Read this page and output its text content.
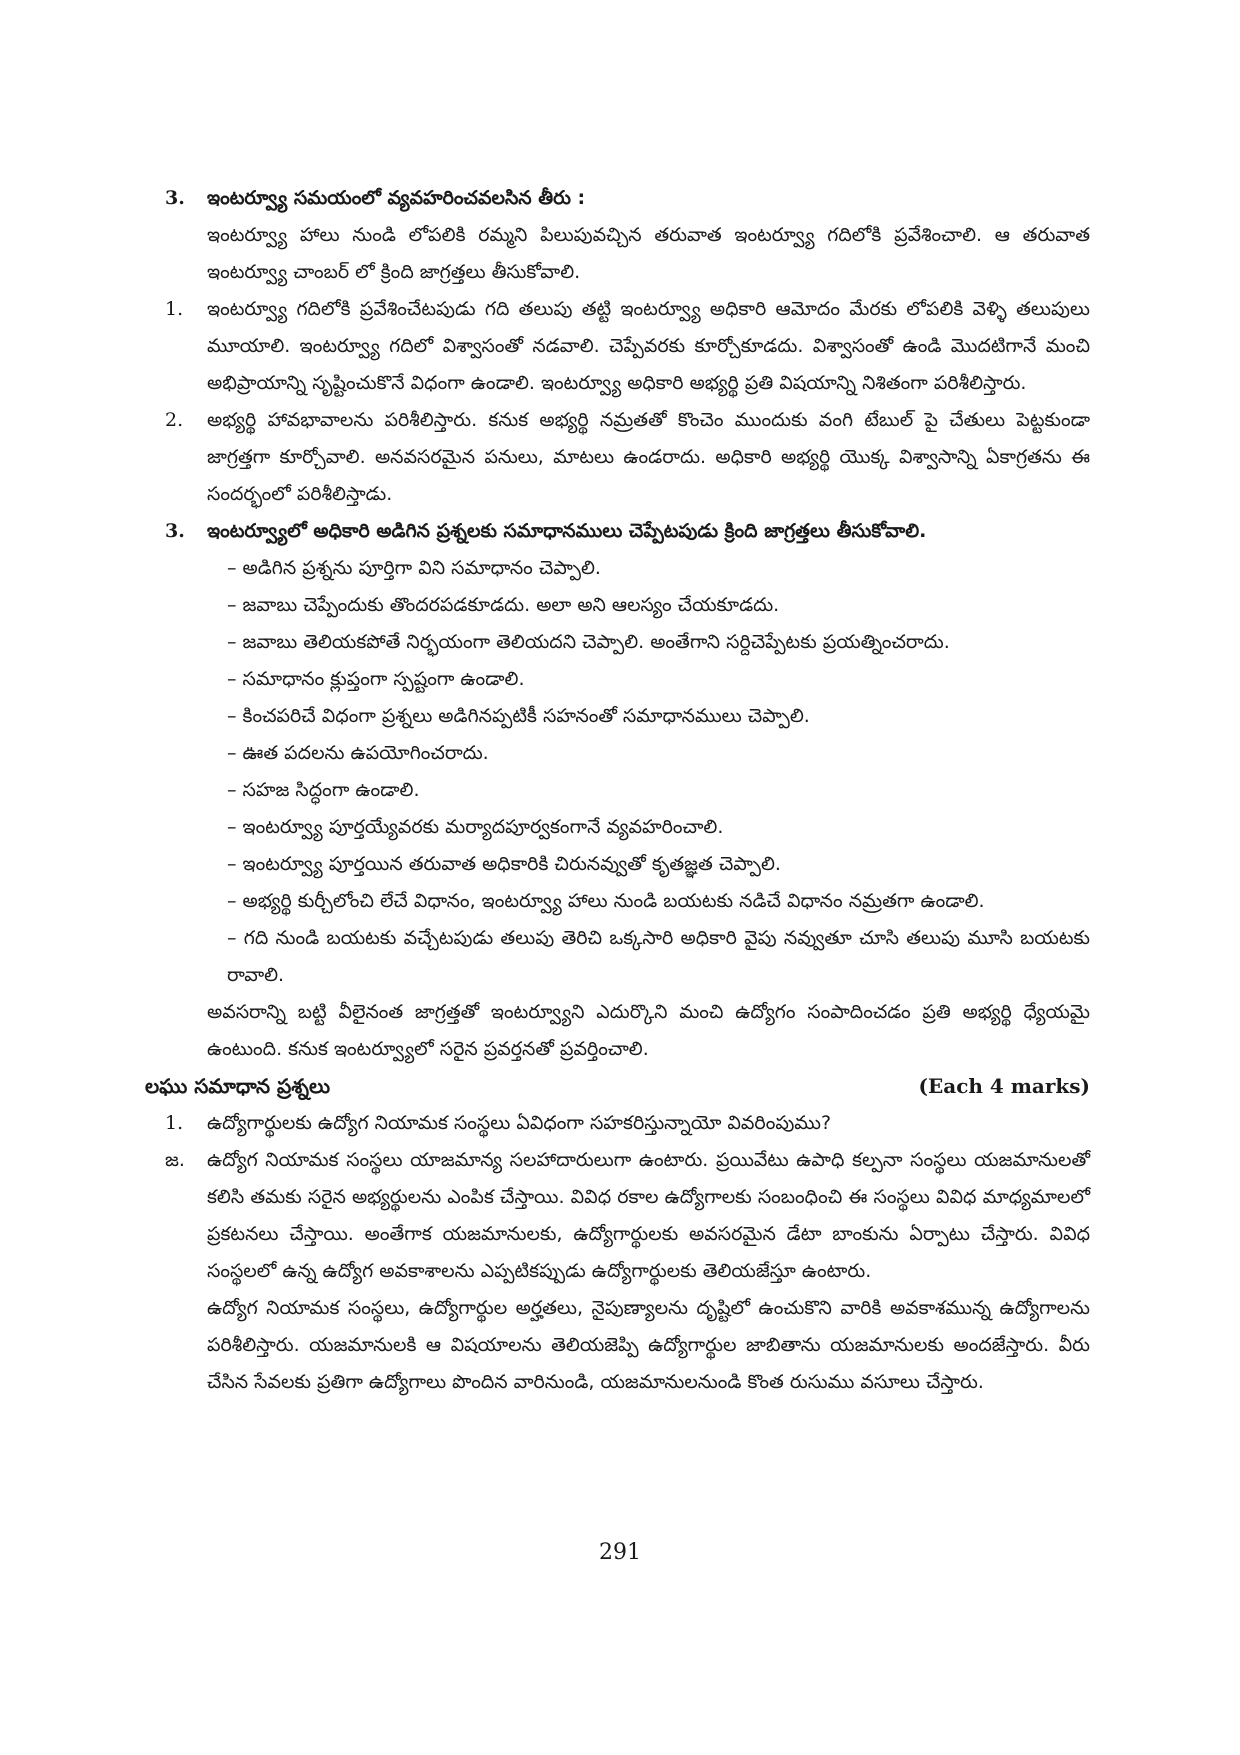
3. ఇంటర్వ్యూ సమయంలో వ్యవహరించవలసిన తీరు :
ఇంటర్వ్యూ హాలు నుండి లోపలికి రమ్మని పిలుపువచ్చిన తరువాత ఇంటర్వ్యూ గదిలోకి ప్రవేశించాలి. ఆ తరువాత ఇంటర్వ్యూ చాంబర్ లో క్రింది జాగ్రత్తలు తీసుకోవాలి.
1. ఇంటర్వ్యూ గదిలోకి ప్రవేశించేటపుడు గది తలుపు తట్టి ఇంటర్వ్యూ అధికారి ఆమోదం మేరకు లోపలికి వెళ్ళి తలుపులు మూయాలి. ఇంటర్వ్యూ గదిలో విశ్వాసంతో నడవాలి. చెప్పేవరకు కూర్చోకూడదు. విశ్వాసంతో ఉండి మొదటిగానే మంచి అభిప్రాయాన్ని సృష్టించుకొనే విధంగా ఉండాలి. ఇంటర్వ్యూ అధికారి అభ్యర్థి ప్రతి విషయాన్ని నిశితంగా పరిశీలిస్తారు.
2. అభ్యర్థి హావభావాలను పరిశీలిస్తారు. కనుక అభ్యర్థి నమ్రతతో కొంచెం ముందుకు వంగి టేబుల్ పై చేతులు పెట్టకుండా జాగ్రత్తగా కూర్చోవాలి. అనవసరమైన పనులు, మాటలు ఉండరాదు. అధికారి అభ్యర్థి యొక్క విశ్వాసాన్ని ఏకాగ్రతను ఈ సందర్భంలో పరిశీలిస్తాడు.
3. ఇంటర్వ్యూలో అధికారి అడిగిన ప్రశ్నలకు సమాధానములు చెప్పేటపుడు క్రింది జాగ్రత్తలు తీసుకోవాలి.
– అడిగిన ప్రశ్నను పూర్తిగా విని సమాధానం చెప్పాలి.
– జవాబు చెప్పేందుకు తొందరపడకూడదు. అలా అని ఆలస్యం చేయకూడదు.
– జవాబు తెలియకపోతే నిర్భయంగా తెలియదని చెప్పాలి. అంతేగాని సర్దిచెప్పేటకు ప్రయత్నించరాదు.
– సమాధానం క్లుప్తంగా స్పష్టంగా ఉండాలి.
– కించపరిచే విధంగా ప్రశ్నలు అడిగినప్పటికీ సహనంతో సమాధానములు చెప్పాలి.
– ఊత పదలను ఉపయోగించరాదు.
– సహజ సిద్ధంగా ఉండాలి.
– ఇంటర్వ్యూ పూర్తయ్యేవరకు మర్యాదపూర్వకంగానే వ్యవహరించాలి.
– ఇంటర్వ్యూ పూర్తయిన తరువాత అధికారికి చిరునవ్వుతో కృతజ్ఞత చెప్పాలి.
– అభ్యర్థి కుర్చీలోంచి లేచే విధానం, ఇంటర్వ్యూ హాలు నుండి బయటకు నడిచే విధానం నమ్రతగా ఉండాలి.
– గది నుండి బయటకు వచ్చేటపుడు తలుపు తెరిచి ఒక్కసారి అధికారి వైపు నవ్వుతూ చూసి తలుపు మూసి బయటకు రావాలి.
అవసరాన్ని బట్టి వీలైనంత జాగ్రత్తతో ఇంటర్వ్యూని ఎదుర్కొని మంచి ఉద్యోగం సంపాదించడం ప్రతి అభ్యర్థి ధ్యేయమై ఉంటుంది. కనుక ఇంటర్వ్యూలో సరైన ప్రవర్తనతో ప్రవర్తించాలి.
లఘు సమాధాన ప్రశ్నలు	(Each 4 marks)
1. ఉద్యోగార్థులకు ఉద్యోగ నియామక సంస్థలు ఏవిధంగా సహకరిస్తున్నాయో వివరింపుము?
జ. ఉద్యోగ నియామక సంస్థలు యాజమాన్య సలహాదారులుగా ఉంటారు. ప్రయివేటు ఉపాధి కల్పనా సంస్థలు యజమానులతో కలిసి తమకు సరైన అభ్యర్థులను ఎంపిక చేస్తాయి. వివిధ రకాల ఉద్యోగాలకు సంబంధించి ఈ సంస్థలు వివిధ మాధ్యమాలలో ప్రకటనలు చేస్తాయి. అంతేగాక యజమానులకు, ఉద్యోగార్థులకు అవసరమైన డేటా బాంకును ఏర్పాటు చేస్తారు. వివిధ సంస్థలలో ఉన్న ఉద్యోగ అవకాశాలను ఎప్పటికప్పుడు ఉద్యోగార్థులకు తెలియజేస్తూ ఉంటారు.
ఉద్యోగ నియామక సంస్థలు, ఉద్యోగార్థుల అర్హతలు, నైపుణ్యాలను దృష్టిలో ఉంచుకొని వారికి అవకాశమున్న ఉద్యోగాలను పరిశీలిస్తారు. యజమానులకి ఆ విషయాలను తెలియజెప్పి ఉద్యోగార్థుల జాబితాను యజమానులకు అందజేస్తారు. వీరు చేసిన సేవలకు ప్రతిగా ఉద్యోగాలు పొందిన వారినుండి, యజమానులనుండి కొంత రుసుము వసూలు చేస్తారు.
291
